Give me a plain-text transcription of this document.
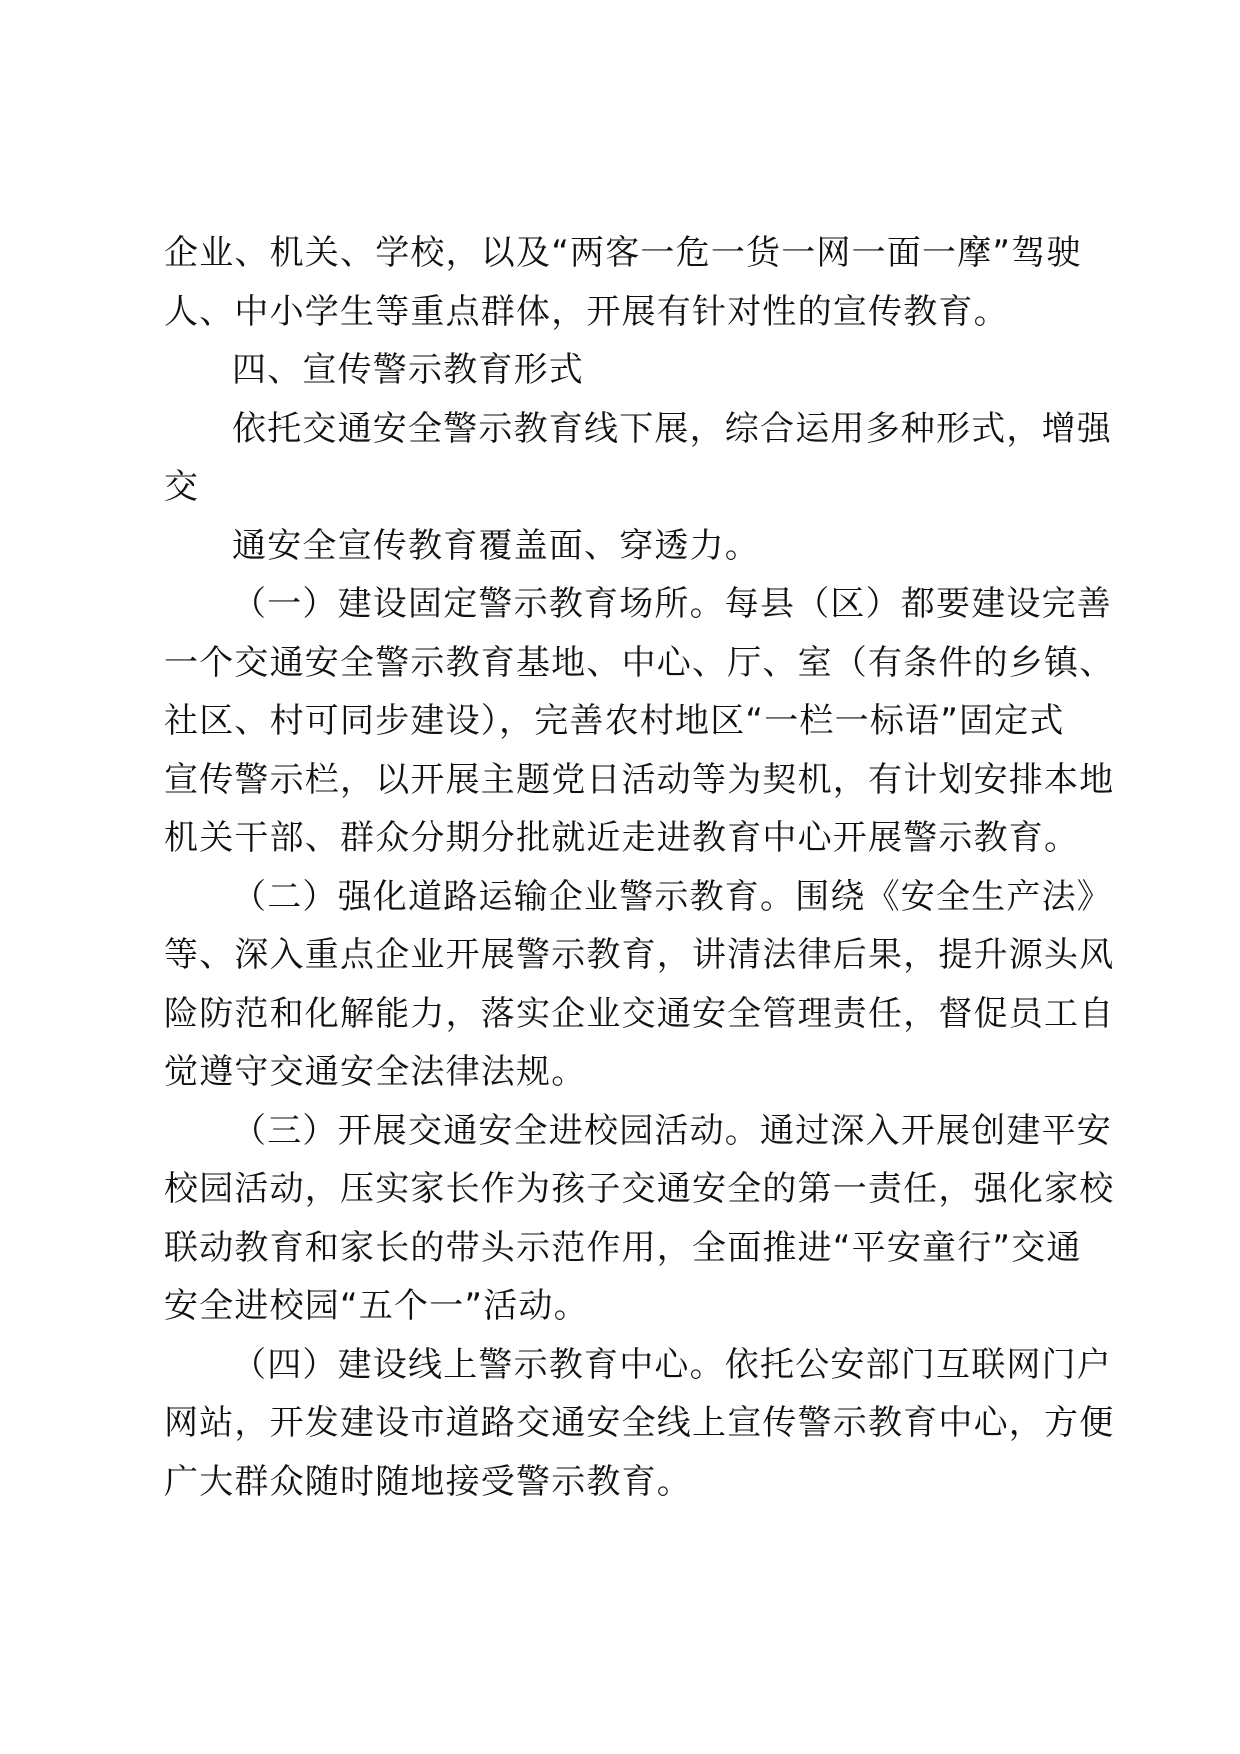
企业、机关、学校，以及“两客一危一货一网一面一摩”驾驶
人、中小学生等重点群体，开展有针对性的宣传教育。
四、宣传警示教育形式
依托交通安全警示教育线下展，综合运用多种形式，增强
交
通安全宣传教育覆盖面、穿透力。
（一）建设固定警示教育场所。每县（区）都要建设完善
一个交通安全警示教育基地、中心、厅、室（有条件的乡镇、
社区、村可同步建设），完善农村地区“一栏一标语”固定式
宣传警示栏，以开展主题党日活动等为契机，有计划安排本地
机关干部、群众分期分批就近走进教育中心开展警示教育。
（二）强化道路运输企业警示教育。围绕《安全生产法》
等、深入重点企业开展警示教育，讲清法律后果，提升源头风
险防范和化解能力，落实企业交通安全管理责任，督促员工自
觉遵守交通安全法律法规。
（三）开展交通安全进校园活动。通过深入开展创建平安
校园活动，压实家长作为孩子交通安全的第一责任，强化家校
联动教育和家长的带头示范作用，全面推进“平安童行”交通
安全进校园“五个一”活动。
（四）建设线上警示教育中心。依托公安部门互联网门户
网站，开发建设市道路交通安全线上宣传警示教育中心，方便
广大群众随时随地接受警示教育。
